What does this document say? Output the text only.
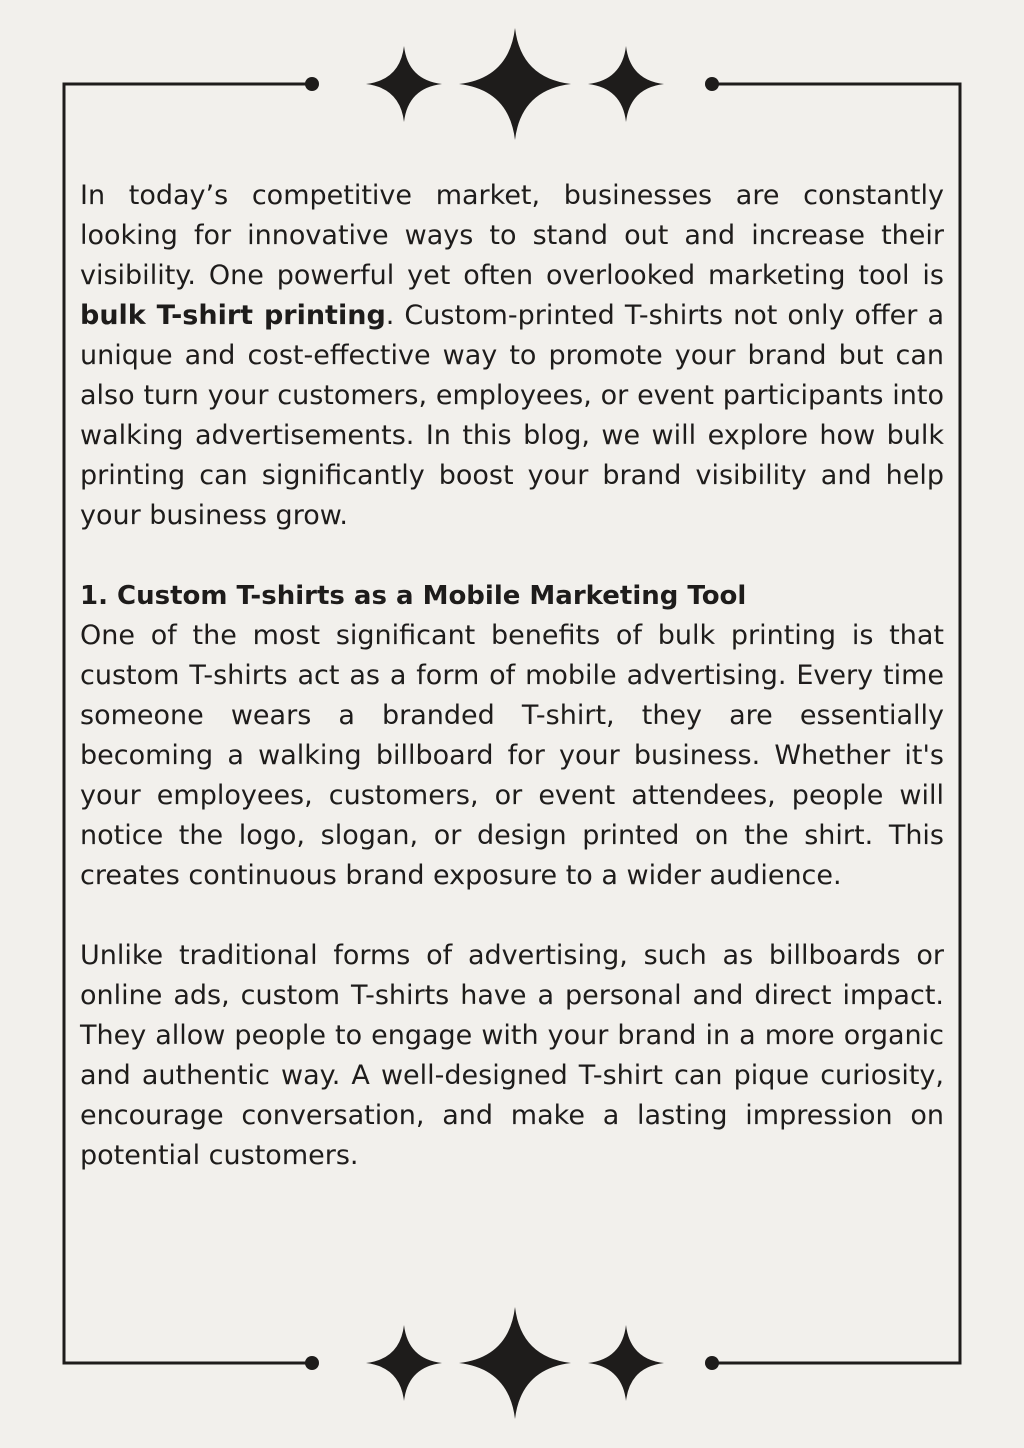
In today’s competitive market, businesses are constantly looking for innovative ways to stand out and increase their visibility. One powerful yet often overlooked marketing tool is bulk T-shirt printing. Custom-printed T-shirts not only offer a unique and cost-effective way to promote your brand but can also turn your customers, employees, or event participants into walking advertisements. In this blog, we will explore how bulk printing can significantly boost your brand visibility and help your business grow.

1. Custom T-shirts as a Mobile Marketing Tool

One of the most significant benefits of bulk printing is that custom T-shirts act as a form of mobile advertising. Every time someone wears a branded T-shirt, they are essentially becoming a walking billboard for your business. Whether it's your employees, customers, or event attendees, people will notice the logo, slogan, or design printed on the shirt. This creates continuous brand exposure to a wider audience.

Unlike traditional forms of advertising, such as billboards or online ads, custom T-shirts have a personal and direct impact. They allow people to engage with your brand in a more organic and authentic way. A well-designed T-shirt can pique curiosity, encourage conversation, and make a lasting impression on potential customers.
